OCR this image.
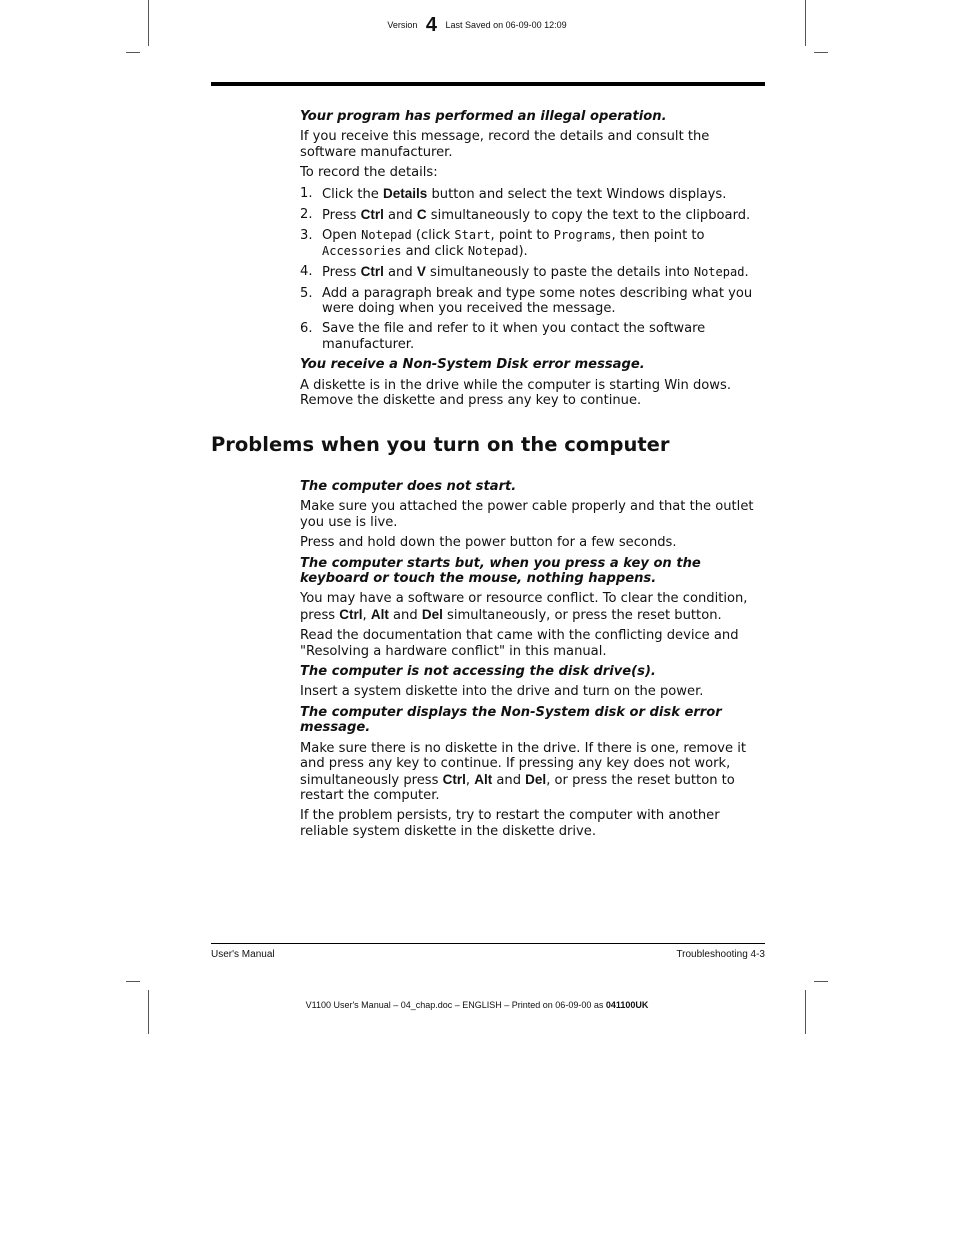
Version 4 Last Saved on 06-09-00 12:09
Your program has performed an illegal operation.
If you receive this message, record the details and consult the software manufacturer.
To record the details:
1. Click the Details button and select the text Windows displays.
2. Press Ctrl and C simultaneously to copy the text to the clipboard.
3. Open Notepad (click Start, point to Programs, then point to Accessories and click Notepad).
4. Press Ctrl and V simultaneously to paste the details into Notepad.
5. Add a paragraph break and type some notes describing what you were doing when you received the message.
6. Save the file and refer to it when you contact the software manufacturer.
You receive a Non-System Disk error message.
A diskette is in the drive while the computer is starting Win dows. Remove the diskette and press any key to continue.
Problems when you turn on the computer
The computer does not start.
Make sure you attached the power cable properly and that the outlet you use is live.
Press and hold down the power button for a few seconds.
The computer starts but, when you press a key on the keyboard or touch the mouse, nothing happens.
You may have a software or resource conflict. To clear the condition, press Ctrl, Alt and Del simultaneously, or press the reset button.
Read the documentation that came with the conflicting device and "Resolving a hardware conflict" in this manual.
The computer is not accessing the disk drive(s).
Insert a system diskette into the drive and turn on the power.
The computer displays the Non-System disk or disk error message.
Make sure there is no diskette in the drive. If there is one, remove it and press any key to continue. If pressing any key does not work, simultaneously press Ctrl, Alt and Del, or press the reset button to restart the computer.
If the problem persists, try to restart the computer with another reliable system diskette in the diskette drive.
User's Manual	Troubleshooting 4-3
V1100 User's Manual – 04_chap.doc – ENGLISH – Printed on 06-09-00 as 041100UK
